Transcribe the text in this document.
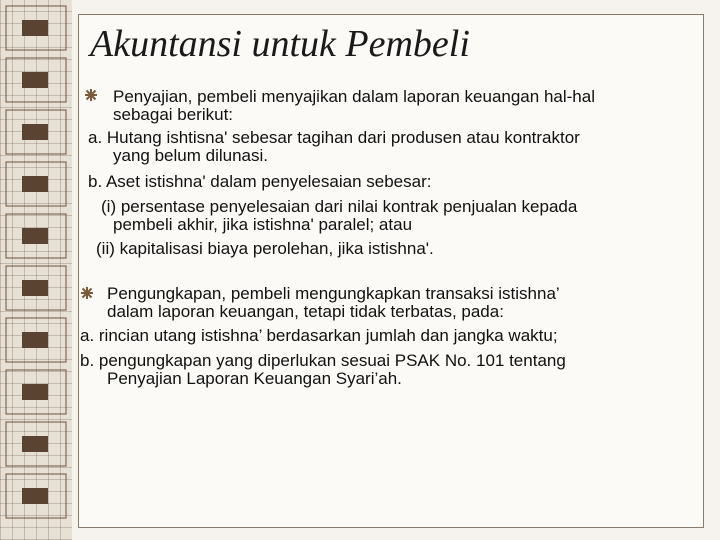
Akuntansi untuk Pembeli
Penyajian, pembeli menyajikan dalam laporan keuangan hal-hal
sebagai berikut:
a. Hutang ishtisna' sebesar tagihan dari produsen atau kontraktor
yang belum dilunasi.
b. Aset istishna' dalam penyelesaian sebesar:
(i) persentase penyelesaian dari nilai kontrak penjualan kepada
pembeli akhir, jika istishna' paralel; atau
(ii) kapitalisasi biaya perolehan, jika istishna'.
Pengungkapan, pembeli mengungkapkan transaksi istishna’
dalam laporan keuangan, tetapi tidak terbatas, pada:
a. rincian utang istishna’ berdasarkan jumlah dan jangka waktu;
b. pengungkapan yang diperlukan sesuai PSAK No. 101 tentang
Penyajian Laporan Keuangan Syari’ah.
